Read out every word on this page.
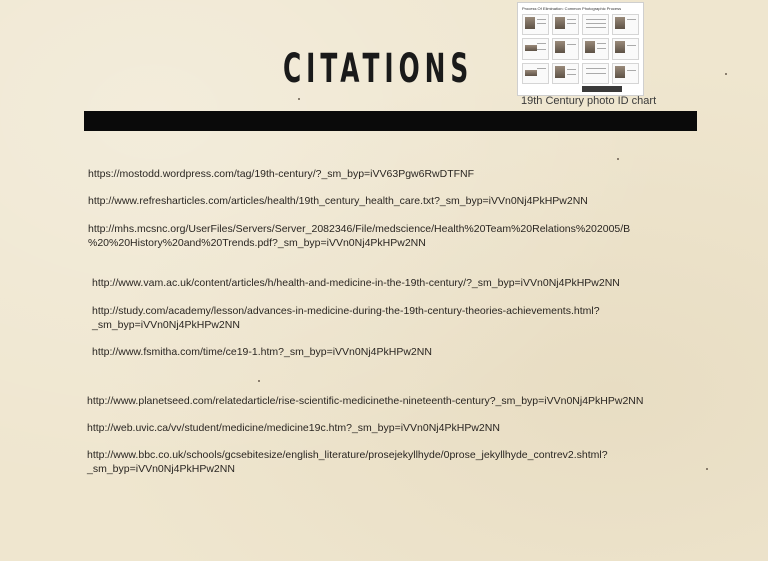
CITATIONS
Process Of Elimination: Common Photographic Process
19th Century photo ID chart
https://mostodd.wordpress.com/tag/19th-century/?_sm_byp=iVV63Pgw6RwDTFNF
http://www.refresharticles.com/articles/health/19th_century_health_care.txt?_sm_byp=iVVn0Nj4PkHPw2NN
http://mhs.mcsnc.org/UserFiles/Servers/Server_2082346/File/medscience/Health%20Team%20Relations%202005/B
%20%20History%20and%20Trends.pdf?_sm_byp=iVVn0Nj4PkHPw2NN
http://www.vam.ac.uk/content/articles/h/health-and-medicine-in-the-19th-century/?_sm_byp=iVVn0Nj4PkHPw2NN
http://study.com/academy/lesson/advances-in-medicine-during-the-19th-century-theories-achievements.html?
_sm_byp=iVVn0Nj4PkHPw2NN
http://www.fsmitha.com/time/ce19-1.htm?_sm_byp=iVVn0Nj4PkHPw2NN
http://www.planetseed.com/relatedarticle/rise-scientific-medicinethe-nineteenth-century?_sm_byp=iVVn0Nj4PkHPw2NN
http://web.uvic.ca/vv/student/medicine/medicine19c.htm?_sm_byp=iVVn0Nj4PkHPw2NN
http://www.bbc.co.uk/schools/gcsebitesize/english_literature/prosejekyllhyde/0prose_jekyllhyde_contrev2.shtml?
_sm_byp=iVVn0Nj4PkHPw2NN
